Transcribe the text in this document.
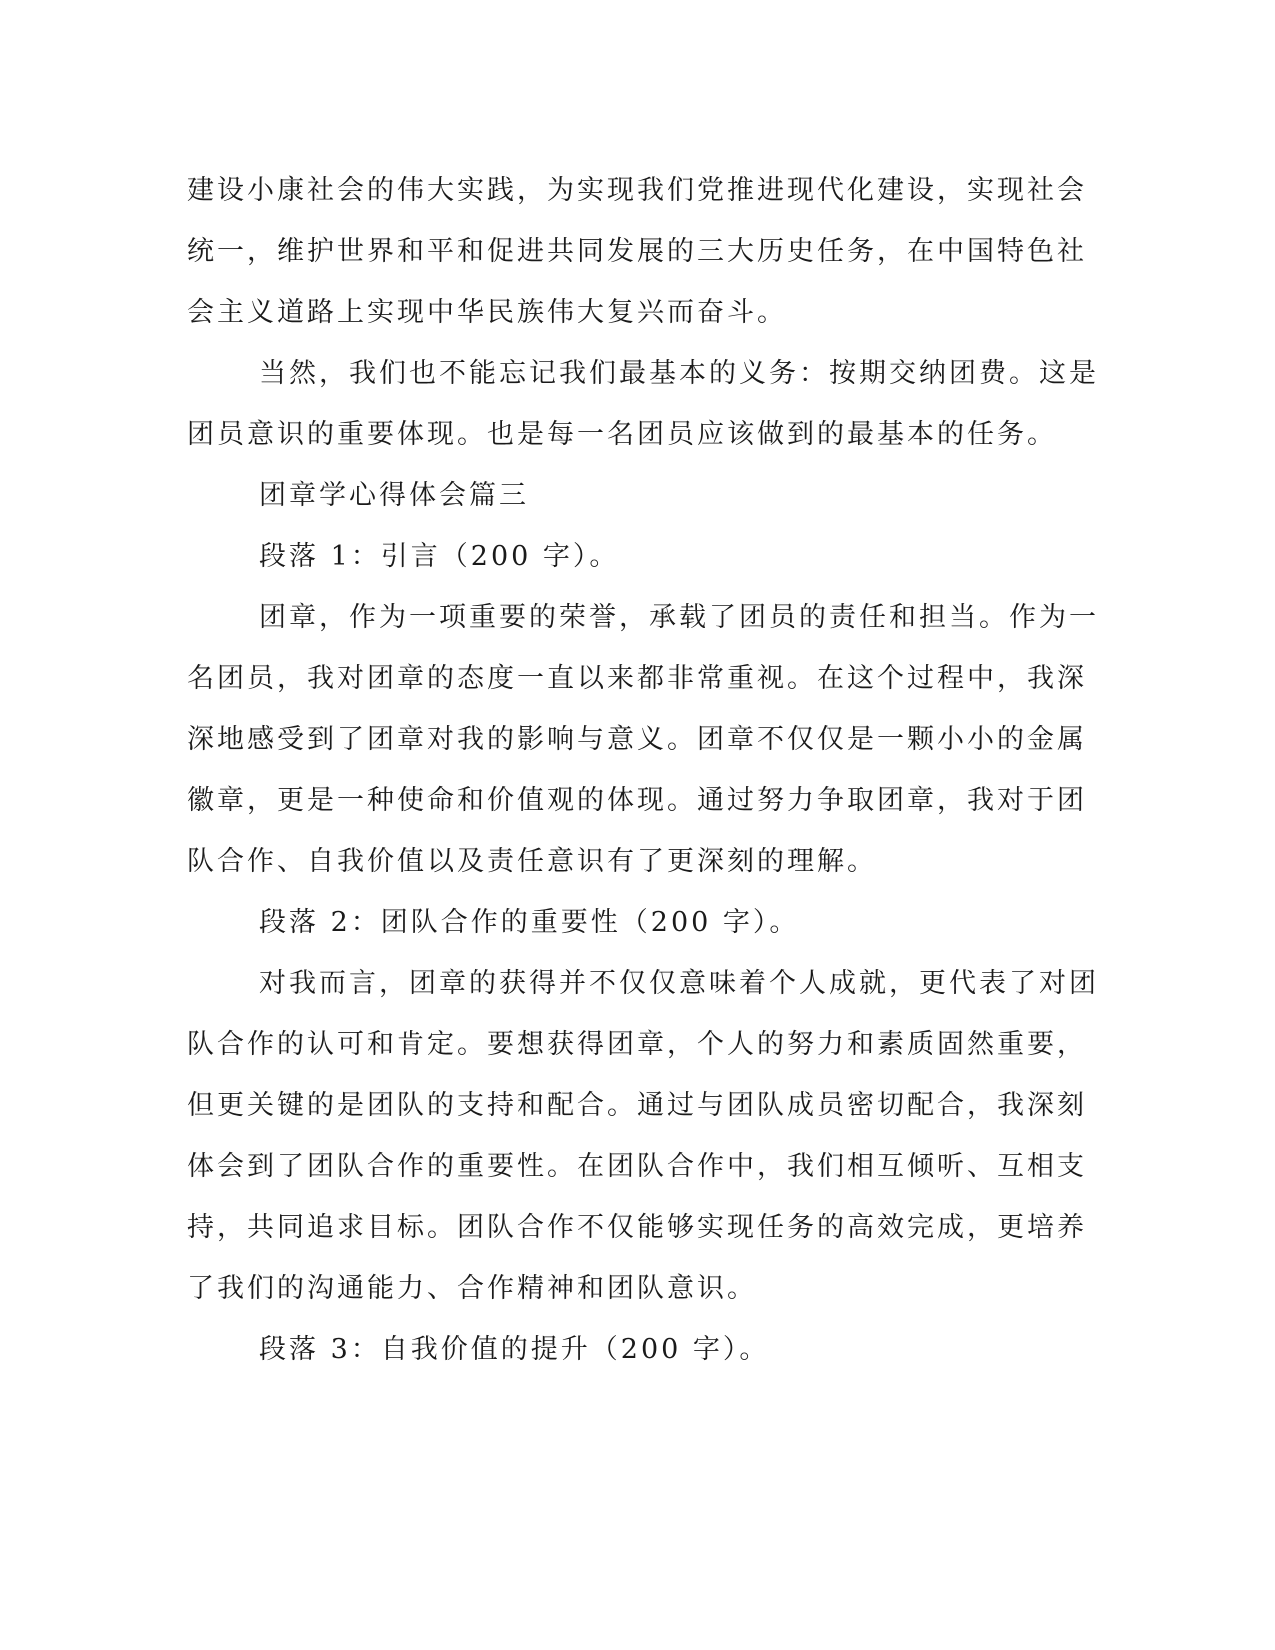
建设小康社会的伟大实践，为实现我们党推进现代化建设，实现社会
统一，维护世界和平和促进共同发展的三大历史任务，在中国特色社
会主义道路上实现中华民族伟大复兴而奋斗。
当然，我们也不能忘记我们最基本的义务：按期交纳团费。这是
团员意识的重要体现。也是每一名团员应该做到的最基本的任务。
团章学心得体会篇三
段落 1：引言（200 字）。
团章，作为一项重要的荣誉，承载了团员的责任和担当。作为一
名团员，我对团章的态度一直以来都非常重视。在这个过程中，我深
深地感受到了团章对我的影响与意义。团章不仅仅是一颗小小的金属
徽章，更是一种使命和价值观的体现。通过努力争取团章，我对于团
队合作、自我价值以及责任意识有了更深刻的理解。
段落 2：团队合作的重要性（200 字）。
对我而言，团章的获得并不仅仅意味着个人成就，更代表了对团
队合作的认可和肯定。要想获得团章，个人的努力和素质固然重要，
但更关键的是团队的支持和配合。通过与团队成员密切配合，我深刻
体会到了团队合作的重要性。在团队合作中，我们相互倾听、互相支
持，共同追求目标。团队合作不仅能够实现任务的高效完成，更培养
了我们的沟通能力、合作精神和团队意识。
段落 3：自我价值的提升（200 字）。
